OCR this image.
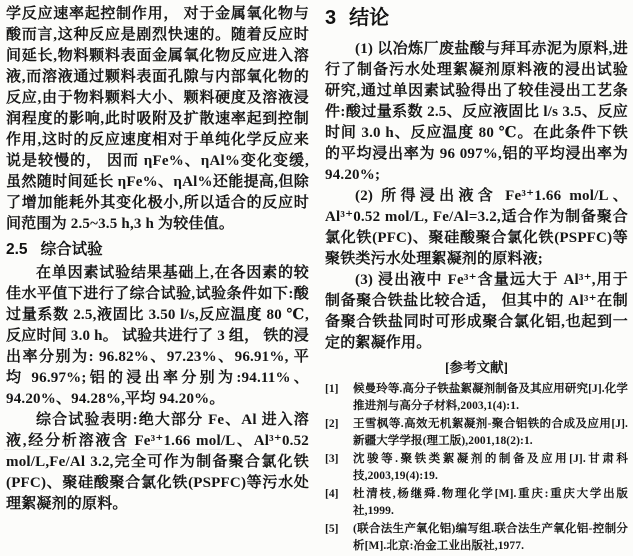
学反应速率起控制作用， 对于金属氧化物与酸而言,这种反应是剧烈快速的。随着反应时间延长,物料颗料表面金属氧化物反应进入溶液,而溶液通过颗料表面孔隙与内部氧化物的反应,由于物料颗料大小、颗料硬度及溶液浸润程度的影响,此时吸附及扩散速率起到控制作用,这时的反应速度相对于单纯化学反应来说是较慢的， 因而 ηFe%、ηAl%变化变缓,虽然随时间延长 ηFe%、ηAl%还能提高,但除了增加能耗外其变化极小,所以适合的反应时间范围为 2.5~3.5 h,3 h 为较佳值。

2.5 综合试验

在单因素试验结果基础上,在各因素的较佳水平值下进行了综合试验,试验条件如下:酸过量系数 2.5,液固比 3.50 l/s,反应温度 80 ℃,反应时间 3.0 h。 试验共进行了 3 组， 铁的浸出率分别为: 96.82%、97.23%、96.91%, 平均 96.97%;铝的浸出率分别为:94.11%、94.20%、94.28%,平均 94.20%。

综合试验表明:绝大部分 Fe、Al 进入溶液,经分析溶液含 Fe³⁺1.66 mol/L、Al³⁺0.52 mol/L,Fe/Al 3.2,完全可作为制备聚合氯化铁(PFC)、聚硅酸聚合氯化铁(PSPFC)等污水处理絮凝剂的原料。

3 结论

(1) 以冶炼厂废盐酸与拜耳赤泥为原料,进行了制备污水处理絮凝剂原料液的浸出试验研究,通过单因素试验得出了较佳浸出工艺条件:酸过量系数 2.5、反应液固比 l/s 3.5、反应时间 3.0 h、反应温度 80 ℃。在此条件下铁的平均浸出率为 96 097%,铝的平均浸出率为 94.20%;

(2) 所得浸出液含 Fe³⁺1.66 mol/L、Al³⁺0.52 mol/L, Fe/Al=3.2,适合作为制备聚合氯化铁(PFC)、聚硅酸聚合氯化铁(PSPFC)等聚铁类污水处理絮凝剂的原料液;

(3) 浸出液中 Fe³⁺含量远大于 Al³⁺,用于制备聚合铁盐比较合适， 但其中的 Al³⁺在制备聚合铁盐同时可形成聚合氯化铝,也起到一定的絮凝作用。

[参考文献]
[1]	候曼玲等.高分子铁盐絮凝剂制备及其应用研究[J].化学推进剂与高分子材料,2003,1(4):1.
[2]	王雪枫等.高效无机絮凝剂-聚合铝铁的合成及应用[J].新疆大学学报(理工版),2001,18(2):1.
[3]	沈骏等.聚铁类絮凝剂的制备及应用[J].甘肃科技,2003,19(4):19.
[4]	杜清枝,杨继舜.物理化学[M].重庆:重庆大学出版社,1999.
[5]	(联合法生产氧化铝)编写组.联合法生产氧化铝-控制分析[M].北京:冶金工业出版社,1977.
